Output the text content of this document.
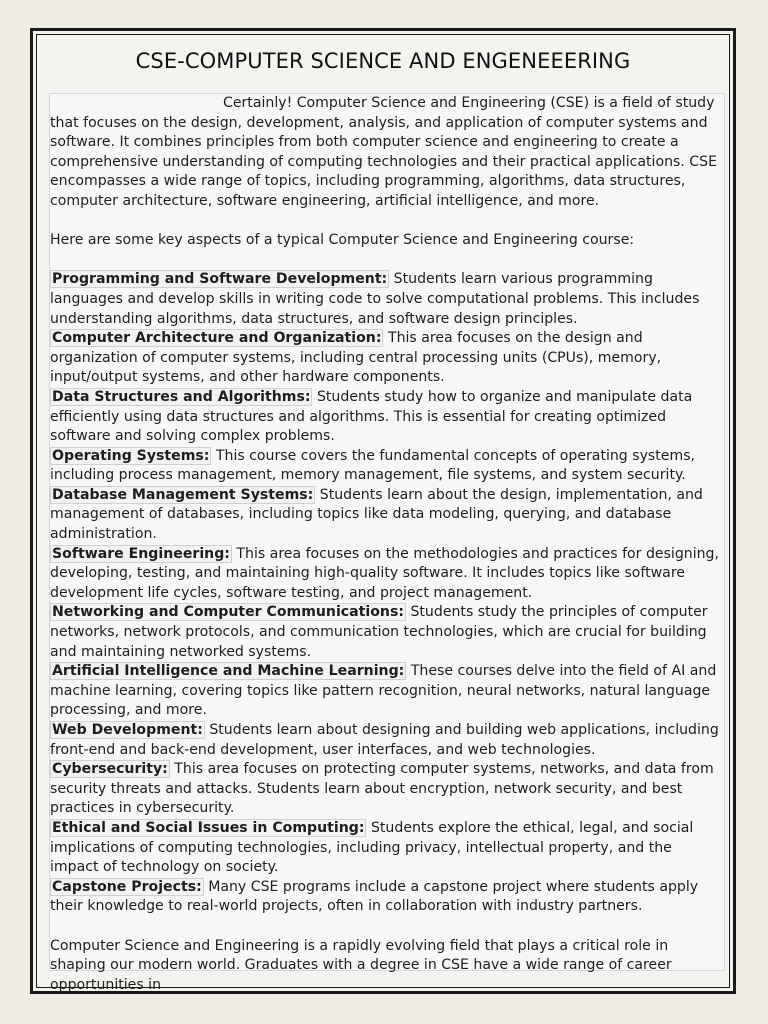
CSE-COMPUTER SCIENCE AND ENGENEEERING

Certainly! Computer Science and Engineering (CSE) is a field of study that focuses on the design, development, analysis, and application of computer systems and software. It combines principles from both computer science and engineering to create a comprehensive understanding of computing technologies and their practical applications. CSE encompasses a wide range of topics, including programming, algorithms, data structures, computer architecture, software engineering, artificial intelligence, and more.

Here are some key aspects of a typical Computer Science and Engineering course:

Programming and Software Development: Students learn various programming languages and develop skills in writing code to solve computational problems. This includes understanding algorithms, data structures, and software design principles.

Computer Architecture and Organization: This area focuses on the design and organization of computer systems, including central processing units (CPUs), memory, input/output systems, and other hardware components.

Data Structures and Algorithms: Students study how to organize and manipulate data efficiently using data structures and algorithms. This is essential for creating optimized software and solving complex problems.

Operating Systems: This course covers the fundamental concepts of operating systems, including process management, memory management, file systems, and system security.

Database Management Systems: Students learn about the design, implementation, and management of databases, including topics like data modeling, querying, and database administration.

Software Engineering: This area focuses on the methodologies and practices for designing, developing, testing, and maintaining high-quality software. It includes topics like software development life cycles, software testing, and project management.

Networking and Computer Communications: Students study the principles of computer networks, network protocols, and communication technologies, which are crucial for building and maintaining networked systems.

Artificial Intelligence and Machine Learning: These courses delve into the field of AI and machine learning, covering topics like pattern recognition, neural networks, natural language processing, and more.

Web Development: Students learn about designing and building web applications, including front-end and back-end development, user interfaces, and web technologies.

Cybersecurity: This area focuses on protecting computer systems, networks, and data from security threats and attacks. Students learn about encryption, network security, and best practices in cybersecurity.

Ethical and Social Issues in Computing: Students explore the ethical, legal, and social implications of computing technologies, including privacy, intellectual property, and the impact of technology on society.

Capstone Projects: Many CSE programs include a capstone project where students apply their knowledge to real-world projects, often in collaboration with industry partners.

Computer Science and Engineering is a rapidly evolving field that plays a critical role in shaping our modern world. Graduates with a degree in CSE have a wide range of career opportunities in
